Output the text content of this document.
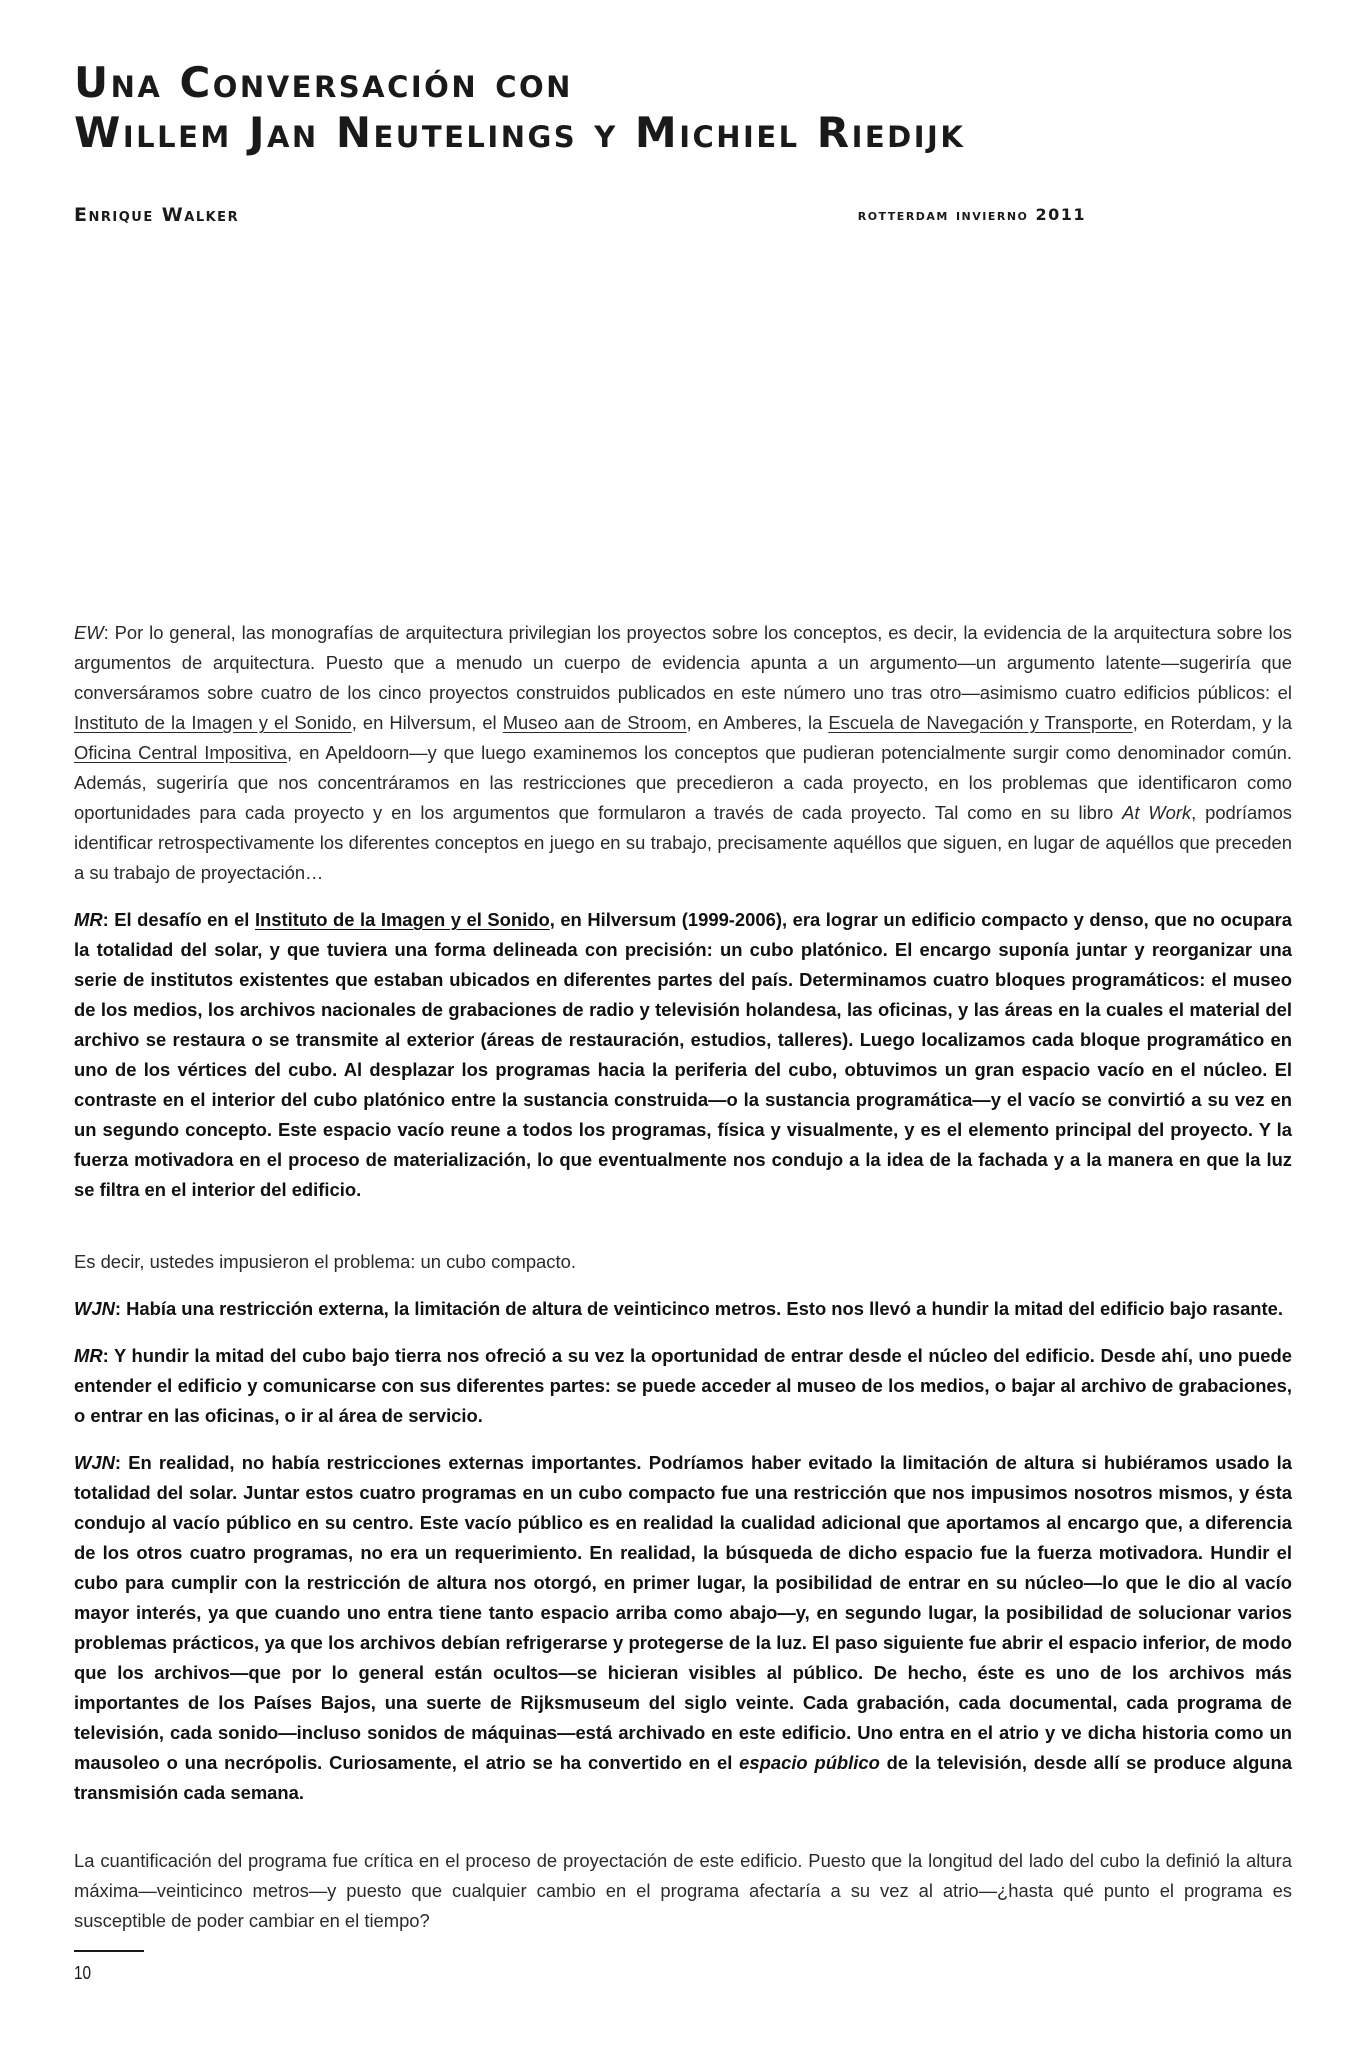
Una Conversación con
Willem Jan Neutelings y Michiel Riedijk
Enrique Walker	rotterdam invierno 2011

EW: Por lo general, las monografías de arquitectura privilegian los proyectos sobre los conceptos, es decir, la evidencia de la arquitectura sobre los argumentos de arquitectura. Puesto que a menudo un cuerpo de evidencia apunta a un argumento—un argumento latente—sugeriría que conversáramos sobre cuatro de los cinco proyectos construidos publicados en este número uno tras otro—asimismo cuatro edificios públicos: el Instituto de la Imagen y el Sonido, en Hilversum, el Museo aan de Stroom, en Amberes, la Escuela de Navegación y Transporte, en Roterdam, y la Oficina Central Impositiva, en Apeldoorn—y que luego examinemos los conceptos que pudieran potencialmente surgir como denominador común. Además, sugeriría que nos concentráramos en las restricciones que precedieron a cada proyecto, en los problemas que identificaron como oportunidades para cada proyecto y en los argumentos que formularon a través de cada proyecto. Tal como en su libro At Work, podríamos identificar retrospectivamente los diferentes conceptos en juego en su trabajo, precisamente aquéllos que siguen, en lugar de aquéllos que preceden a su trabajo de proyectación…

MR: El desafío en el Instituto de la Imagen y el Sonido, en Hilversum (1999-2006), era lograr un edificio compacto y denso, que no ocupara la totalidad del solar, y que tuviera una forma delineada con precisión: un cubo platónico. El encargo suponía juntar y reorganizar una serie de institutos existentes que estaban ubicados en diferentes partes del país. Determinamos cuatro bloques programáticos: el museo de los medios, los archivos nacionales de grabaciones de radio y televisión holandesa, las oficinas, y las áreas en la cuales el material del archivo se restaura o se transmite al exterior (áreas de restauración, estudios, talleres). Luego localizamos cada bloque programático en uno de los vértices del cubo. Al desplazar los programas hacia la periferia del cubo, obtuvimos un gran espacio vacío en el núcleo. El contraste en el interior del cubo platónico entre la sustancia construida—o la sustancia programática—y el vacío se convirtió a su vez en un segundo concepto. Este espacio vacío reune a todos los programas, física y visualmente, y es el elemento principal del proyecto. Y la fuerza motivadora en el proceso de materialización, lo que eventualmente nos condujo a la idea de la fachada y a la manera en que la luz se filtra en el interior del edificio.

Es decir, ustedes impusieron el problema: un cubo compacto.

WJN: Había una restricción externa, la limitación de altura de veinticinco metros. Esto nos llevó a hundir la mitad del edificio bajo rasante.

MR: Y hundir la mitad del cubo bajo tierra nos ofreció a su vez la oportunidad de entrar desde el núcleo del edificio. Desde ahí, uno puede entender el edificio y comunicarse con sus diferentes partes: se puede acceder al museo de los medios, o bajar al archivo de grabaciones, o entrar en las oficinas, o ir al área de servicio.

WJN: En realidad, no había restricciones externas importantes. Podríamos haber evitado la limitación de altura si hubiéramos usado la totalidad del solar. Juntar estos cuatro programas en un cubo compacto fue una restricción que nos impusimos nosotros mismos, y ésta condujo al vacío público en su centro. Este vacío público es en realidad la cualidad adicional que aportamos al encargo que, a diferencia de los otros cuatro programas, no era un requerimiento. En realidad, la búsqueda de dicho espacio fue la fuerza motivadora. Hundir el cubo para cumplir con la restricción de altura nos otorgó, en primer lugar, la posibilidad de entrar en su núcleo—lo que le dio al vacío mayor interés, ya que cuando uno entra tiene tanto espacio arriba como abajo—y, en segundo lugar, la posibilidad de solucionar varios problemas prácticos, ya que los archivos debían refrigerarse y protegerse de la luz. El paso siguiente fue abrir el espacio inferior, de modo que los archivos—que por lo general están ocultos—se hicieran visibles al público. De hecho, éste es uno de los archivos más importantes de los Países Bajos, una suerte de Rijksmuseum del siglo veinte. Cada grabación, cada documental, cada programa de televisión, cada sonido—incluso sonidos de máquinas—está archivado en este edificio. Uno entra en el atrio y ve dicha historia como un mausoleo o una necrópolis. Curiosamente, el atrio se ha convertido en el espacio público de la televisión, desde allí se produce alguna transmisión cada semana.

La cuantificación del programa fue crítica en el proceso de proyectación de este edificio. Puesto que la longitud del lado del cubo la definió la altura máxima—veinticinco metros—y puesto que cualquier cambio en el programa afectaría a su vez al atrio—¿hasta qué punto el programa es susceptible de poder cambiar en el tiempo?

10
